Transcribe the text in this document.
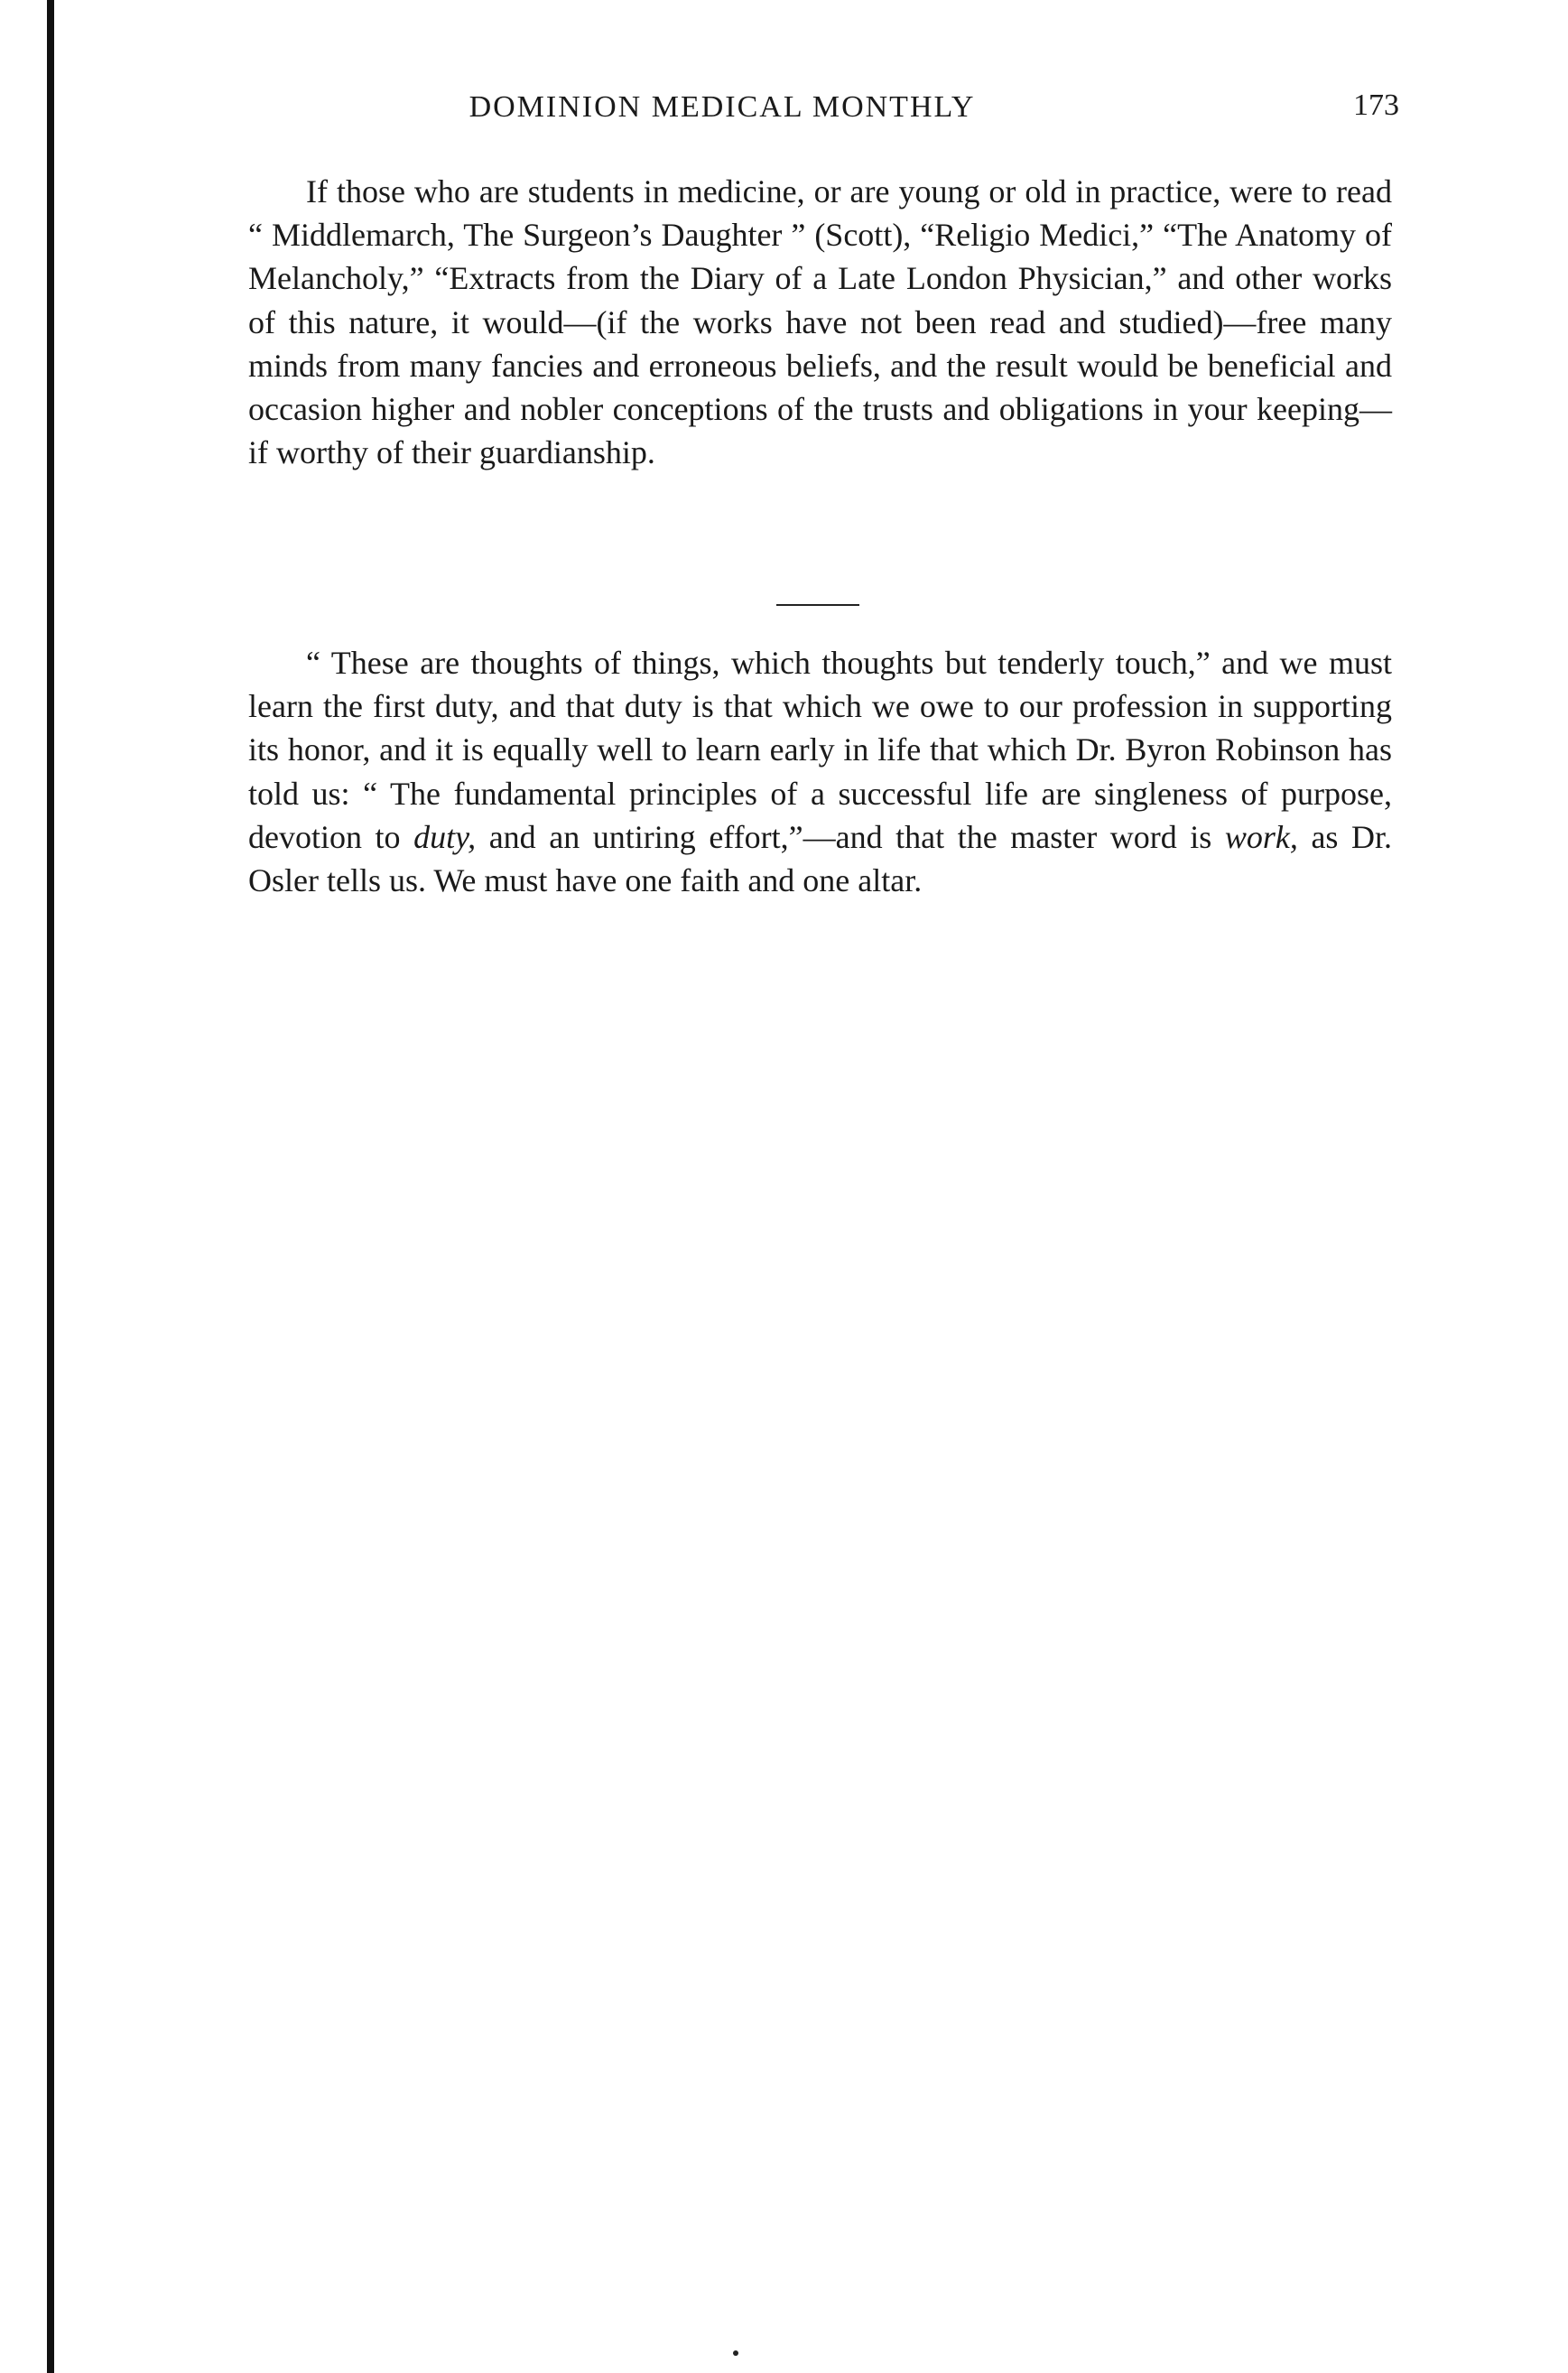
DOMINION MEDICAL MONTHLY	173

If those who are students in medicine, or are young or old in practice, were to read “ Middlemarch, The Surgeon’s Daughter ” (Scott), “Religio Medici,” “The Anatomy of Melancholy,” “Extracts from the Diary of a Late London Physician,” and other works of this nature, it would—(if the works have not been read and studied)—free many minds from many fancies and erroneous beliefs, and the result would be beneficial and occasion higher and nobler conceptions of the trusts and obligations in your keeping—if worthy of their guardianship.

“ These are thoughts of things, which thoughts but tenderly touch,” and we must learn the first duty, and that duty is that which we owe to our profession in supporting its honor, and it is equally well to learn early in life that which Dr. Byron Robinson has told us: “ The fundamental principles of a successful life are singleness of purpose, devotion to duty, and an untiring effort,”—and that the master word is work, as Dr. Osler tells us. We must have one faith and one altar.
